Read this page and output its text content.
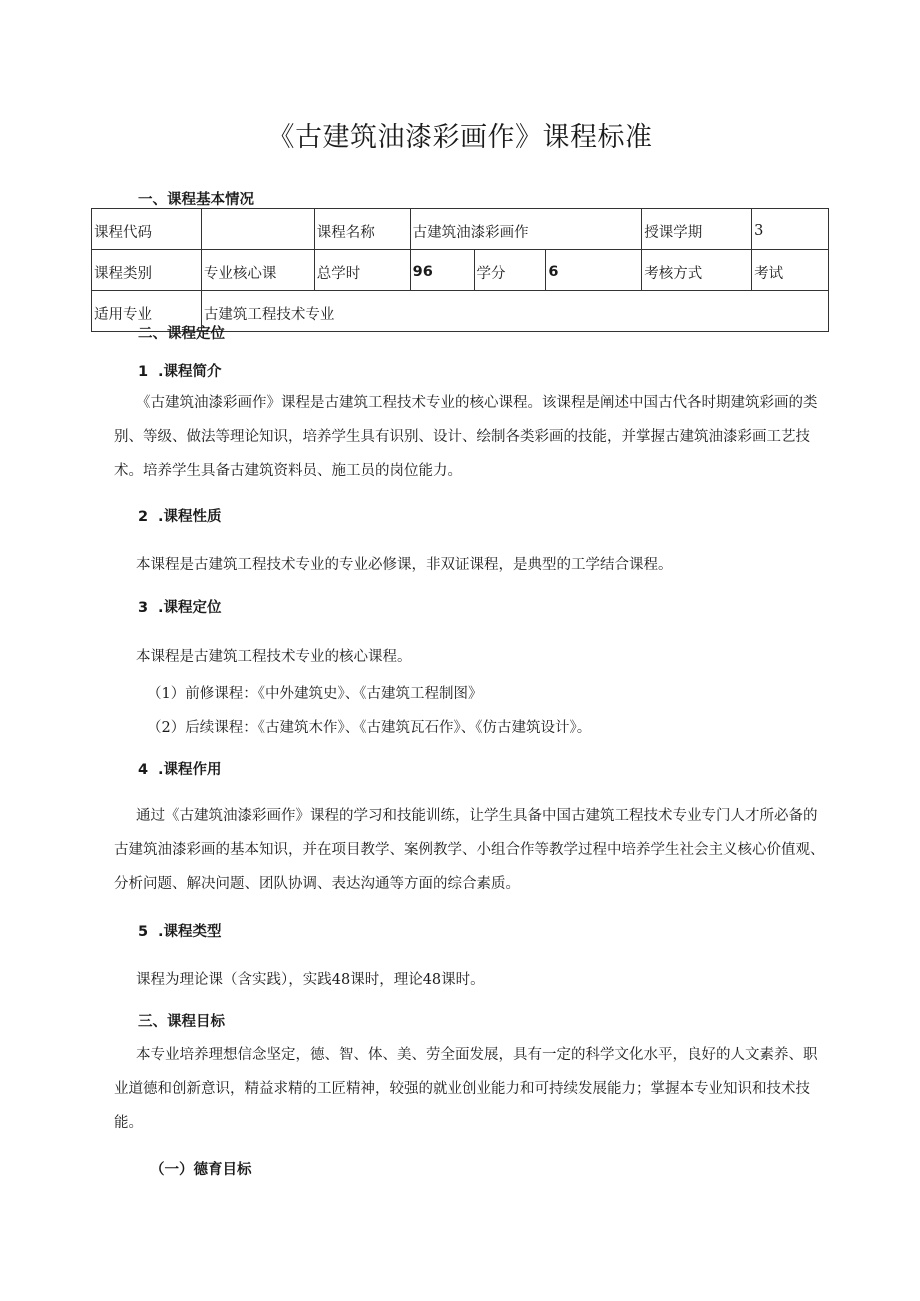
《古建筑油漆彩画作》课程标准
一、课程基本情况
课程代码		课程名称	古建筑油漆彩画作			授课学期	3
课程类别	专业核心课	总学时	96	学分	6	考核方式	考试
适用专业	古建筑工程技术专业						
二、课程定位
1 .课程简介
《古建筑油漆彩画作》课程是古建筑工程技术专业的核心课程。该课程是阐述中国古代各时期建筑彩画的类别、等级、做法等理论知识，培养学生具有识别、设计、绘制各类彩画的技能，并掌握古建筑油漆彩画工艺技术。培养学生具备古建筑资料员、施工员的岗位能力。
2 .课程性质
本课程是古建筑工程技术专业的专业必修课，非双证课程，是典型的工学结合课程。
3 .课程定位
本课程是古建筑工程技术专业的核心课程。
（1）前修课程：《中外建筑史》、《古建筑工程制图》
（2）后续课程：《古建筑木作》、《古建筑瓦石作》、《仿古建筑设计》。
4 .课程作用
通过《古建筑油漆彩画作》课程的学习和技能训练，让学生具备中国古建筑工程技术专业专门人才所必备的古建筑油漆彩画的基本知识，并在项目教学、案例教学、小组合作等教学过程中培养学生社会主义核心价值观、分析问题、解决问题、团队协调、表达沟通等方面的综合素质。
5 .课程类型
课程为理论课（含实践），实践48课时，理论48课时。
三、课程目标
本专业培养理想信念坚定，德、智、体、美、劳全面发展，具有一定的科学文化水平，良好的人文素养、职业道德和创新意识，精益求精的工匠精神，较强的就业创业能力和可持续发展能力；掌握本专业知识和技术技能。
（一）德育目标
